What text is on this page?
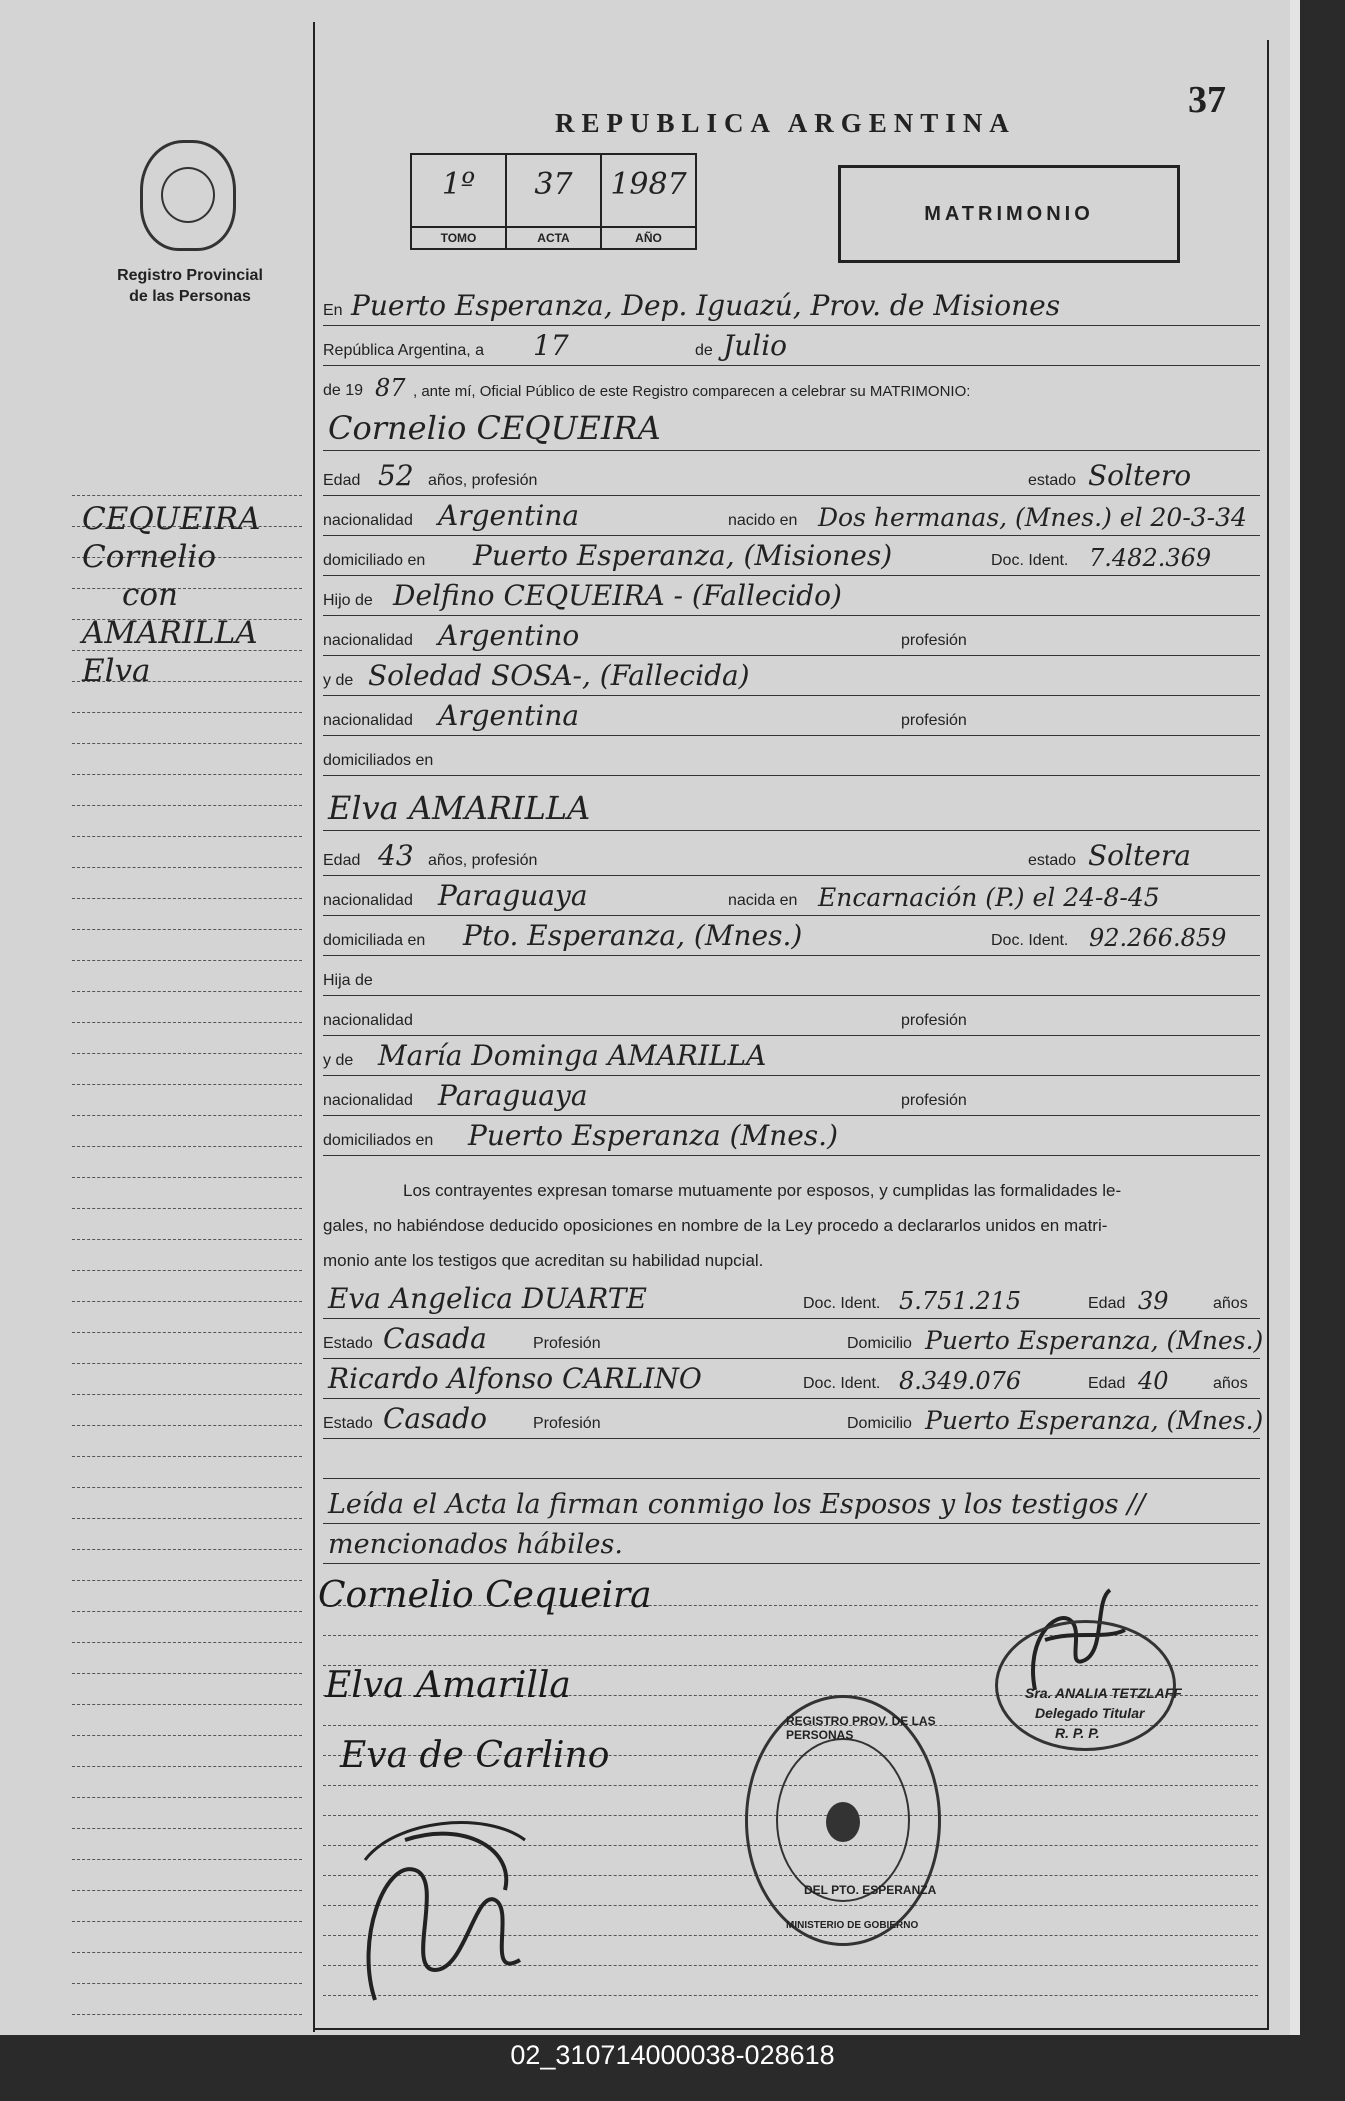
Registro Provincial
de las Personas
37
REPUBLICA ARGENTINA
1º
TOMO
37
ACTA
1987
AÑO
MATRIMONIO
CEQUEIRA
Cornelio
con
AMARILLA
Elva
En Puerto Esperanza, Dep. Iguazú, Prov. de Misiones
República Argentina, a 17	de Julio
de 19 87 , ante mí, Oficial Público de este Registro comparecen a celebrar su MATRIMONIO:
Cornelio CEQUEIRA
Edad 52 años, profesión	estado Soltero
nacionalidad Argentina	nacido en Dos hermanas, (Mnes.) el 20-3-34
domiciliado en Puerto Esperanza, (Misiones)	Doc. Ident. 7.482.369
Hijo de Delfino CEQUEIRA - (Fallecido)
nacionalidad Argentino	profesión
y de Soledad SOSA-, (Fallecida)
nacionalidad Argentina	profesión
domiciliados en
Elva AMARILLA
Edad 43 años, profesión	estado Soltera
nacionalidad Paraguaya	nacida en Encarnación (P.) el 24-8-45
domiciliada en Pto. Esperanza, (Mnes.)	Doc. Ident. 92.266.859
Hija de
nacionalidad	profesión
y de María Dominga AMARILLA
nacionalidad Paraguaya	profesión
domiciliados en Puerto Esperanza (Mnes.)
Los contrayentes expresan tomarse mutuamente por esposos, y cumplidas las formalidades le-
gales, no habiéndose deducido oposiciones en nombre de la Ley procedo a declararlos unidos en matri-
monio ante los testigos que acreditan su habilidad nupcial.
Eva Angelica DUARTE	Doc. Ident. 5.751.215	Edad 39	años
Estado Casada	Profesión	Domicilio Puerto Esperanza, (Mnes.)
Ricardo Alfonso CARLINO	Doc. Ident. 8.349.076	Edad 40	años
Estado Casado	Profesión	Domicilio Puerto Esperanza, (Mnes.)
Leída el Acta la firman conmigo los Esposos y los testigos //
mencionados hábiles.
Cornelio Cequeira
Elva Amarilla
Eva de Carlino
REGISTRO PROV. DE LAS PERSONAS
DEL PTO. ESPERANZA
MINISTERIO DE GOBIERNO
Sra. ANALIA TETZLAFF
Delegado Titular
R. P. P.
02_310714000038-028618
